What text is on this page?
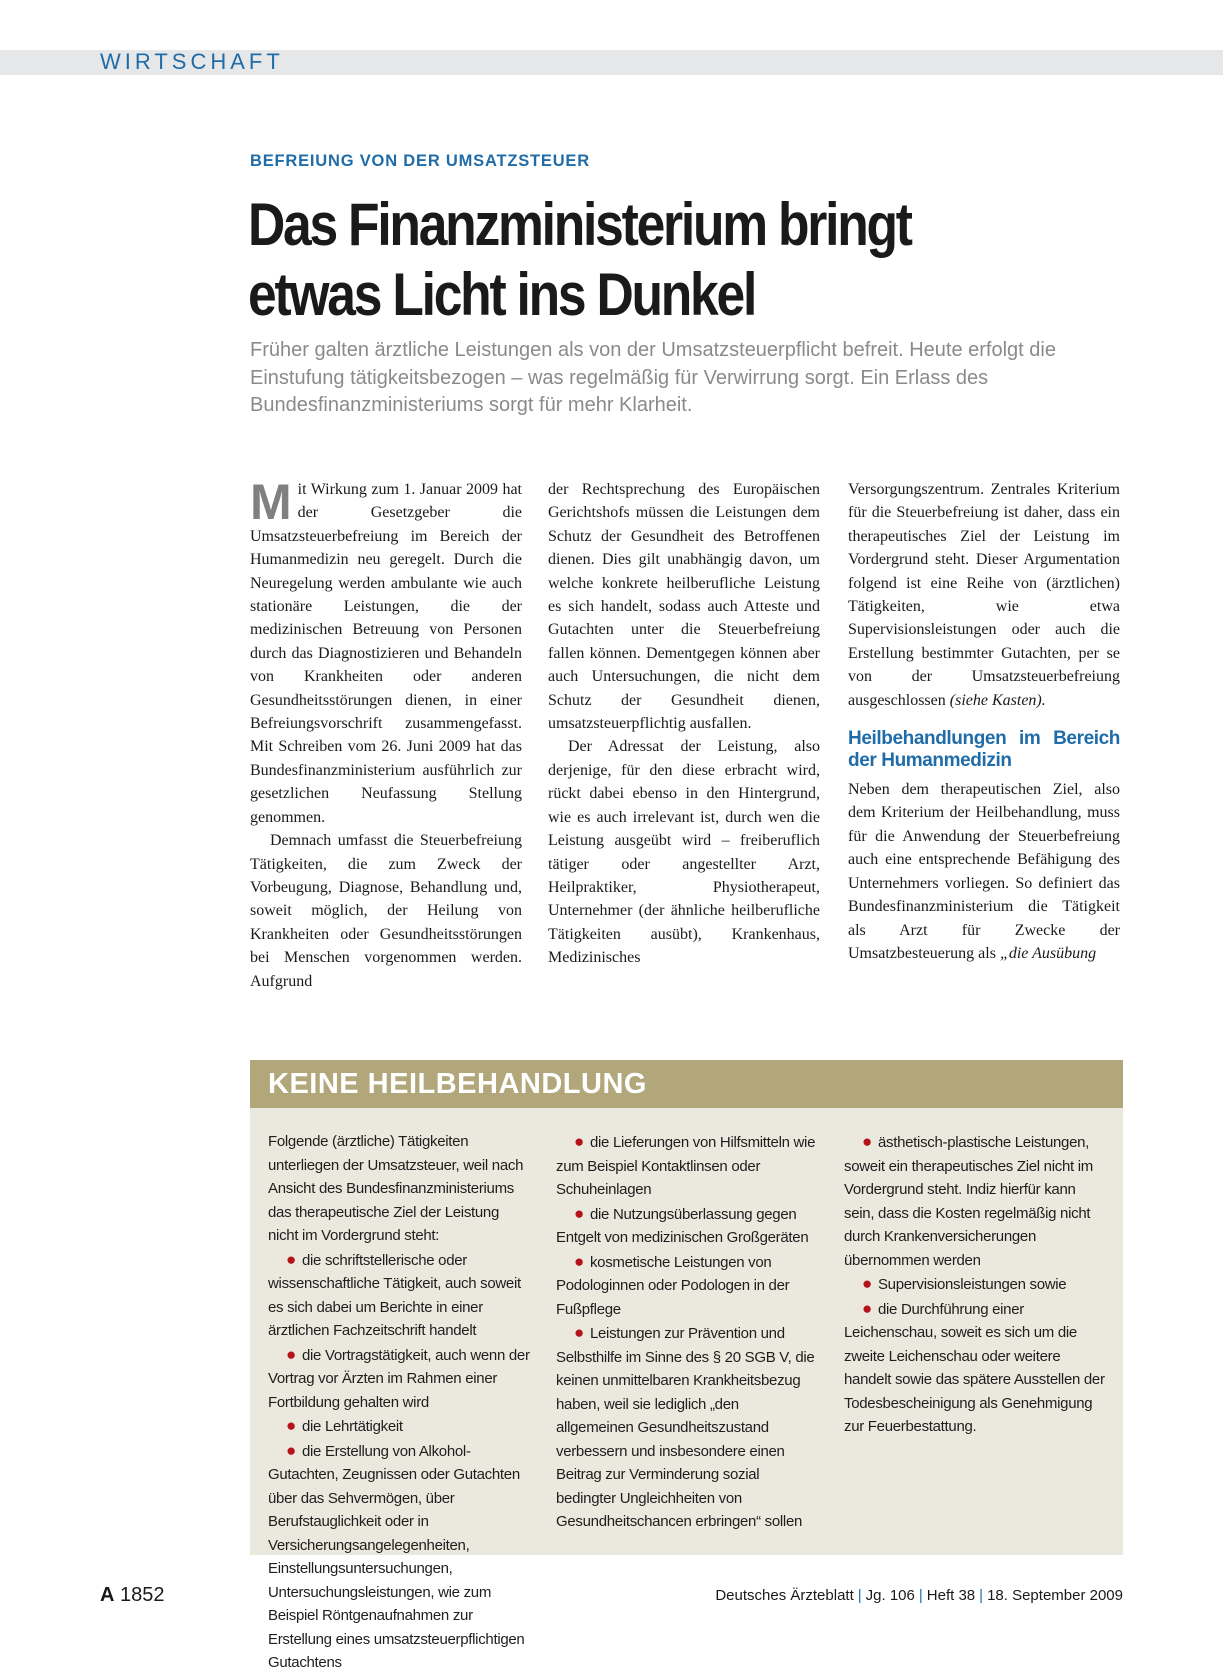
WIRTSCHAFT
BEFREIUNG VON DER UMSATZSTEUER
Das Finanzministerium bringt
etwas Licht ins Dunkel

Früher galten ärztliche Leistungen als von der Umsatzsteuerpflicht befreit. Heute erfolgt die Einstufung tätigkeitsbezogen – was regelmäßig für Verwirrung sorgt. Ein Erlass des Bundesfinanzministeriums sorgt für mehr Klarheit.

Mit Wirkung zum 1. Januar 2009 hat der Gesetzgeber die Umsatzsteuerbefreiung im Bereich der Humanmedizin neu geregelt. Durch die Neuregelung werden ambulante wie auch stationäre Leistungen, die der medizinischen Betreuung von Personen durch das Diagnostizieren und Behandeln von Krankheiten oder anderen Gesundheitsstörungen dienen, in einer Befreiungsvorschrift zusammengefasst. Mit Schreiben vom 26. Juni 2009 hat das Bundesfinanzministerium ausführlich zur gesetzlichen Neufassung Stellung genommen.

Demnach umfasst die Steuerbefreiung Tätigkeiten, die zum Zweck der Vorbeugung, Diagnose, Behandlung und, soweit möglich, der Heilung von Krankheiten oder Gesundheitsstörungen bei Menschen vorgenommen werden. Aufgrund

der Rechtsprechung des Europäischen Gerichtshofs müssen die Leistungen dem Schutz der Gesundheit des Betroffenen dienen. Dies gilt unabhängig davon, um welche konkrete heilberufliche Leistung es sich handelt, sodass auch Atteste und Gutachten unter die Steuerbefreiung fallen können. Dementgegen können aber auch Untersuchungen, die nicht dem Schutz der Gesundheit dienen, umsatzsteuerpflichtig ausfallen.

Der Adressat der Leistung, also derjenige, für den diese erbracht wird, rückt dabei ebenso in den Hintergrund, wie es auch irrelevant ist, durch wen die Leistung ausgeübt wird – freiberuflich tätiger oder angestellter Arzt, Heilpraktiker, Physiotherapeut, Unternehmer (der ähnliche heilberufliche Tätigkeiten ausübt), Krankenhaus, Medizinisches

Versorgungszentrum. Zentrales Kriterium für die Steuerbefreiung ist daher, dass ein therapeutisches Ziel der Leistung im Vordergrund steht. Dieser Argumentation folgend ist eine Reihe von (ärztlichen) Tätigkeiten, wie etwa Supervisionsleistungen oder auch die Erstellung bestimmter Gutachten, per se von der Umsatzsteuerbefreiung ausgeschlossen (siehe Kasten).

Heilbehandlungen im Bereich der Humanmedizin

Neben dem therapeutischen Ziel, also dem Kriterium der Heilbehandlung, muss für die Anwendung der Steuerbefreiung auch eine entsprechende Befähigung des Unternehmers vorliegen. So definiert das Bundesfinanzministerium die Tätigkeit als Arzt für Zwecke der Umsatzbesteuerung als „die Ausübung

KEINE HEILBEHANDLUNG

Folgende (ärztliche) Tätigkeiten unterliegen der Umsatzsteuer, weil nach Ansicht des Bundesfinanzministeriums das therapeutische Ziel der Leistung nicht im Vordergrund steht:

● die schriftstellerische oder wissenschaftliche Tätigkeit, auch soweit es sich dabei um Berichte in einer ärztlichen Fachzeitschrift handelt

● die Vortragstätigkeit, auch wenn der Vortrag vor Ärzten im Rahmen einer Fortbildung gehalten wird

● die Lehrtätigkeit

● die Erstellung von Alkohol-Gutachten, Zeugnissen oder Gutachten über das Sehvermögen, über Berufstauglichkeit oder in Versicherungsangelegenheiten, Einstellungsuntersuchungen, Untersuchungsleistungen, wie zum Beispiel Röntgenaufnahmen zur Erstellung eines umsatzsteuerpflichtigen Gutachtens

● die Lieferungen von Hilfsmitteln wie zum Beispiel Kontaktlinsen oder Schuheinlagen

● die Nutzungsüberlassung gegen Entgelt von medizinischen Großgeräten

● kosmetische Leistungen von Podologinnen oder Podologen in der Fußpflege

● Leistungen zur Prävention und Selbsthilfe im Sinne des § 20 SGB V, die keinen unmittelbaren Krankheitsbezug haben, weil sie lediglich „den allgemeinen Gesundheitszustand verbessern und insbesondere einen Beitrag zur Verminderung sozial bedingter Ungleichheiten von Gesundheitschancen erbringen“ sollen

● ästhetisch-plastische Leistungen, soweit ein therapeutisches Ziel nicht im Vordergrund steht. Indiz hierfür kann sein, dass die Kosten regelmäßig nicht durch Krankenversicherungen übernommen werden

● Supervisionsleistungen sowie

● die Durchführung einer Leichenschau, soweit es sich um die zweite Leichenschau oder weitere handelt sowie das spätere Ausstellen der Todesbescheinigung als Genehmigung zur Feuerbestattung.

A 1852	Deutsches Ärzteblatt | Jg. 106 | Heft 38 | 18. September 2009
